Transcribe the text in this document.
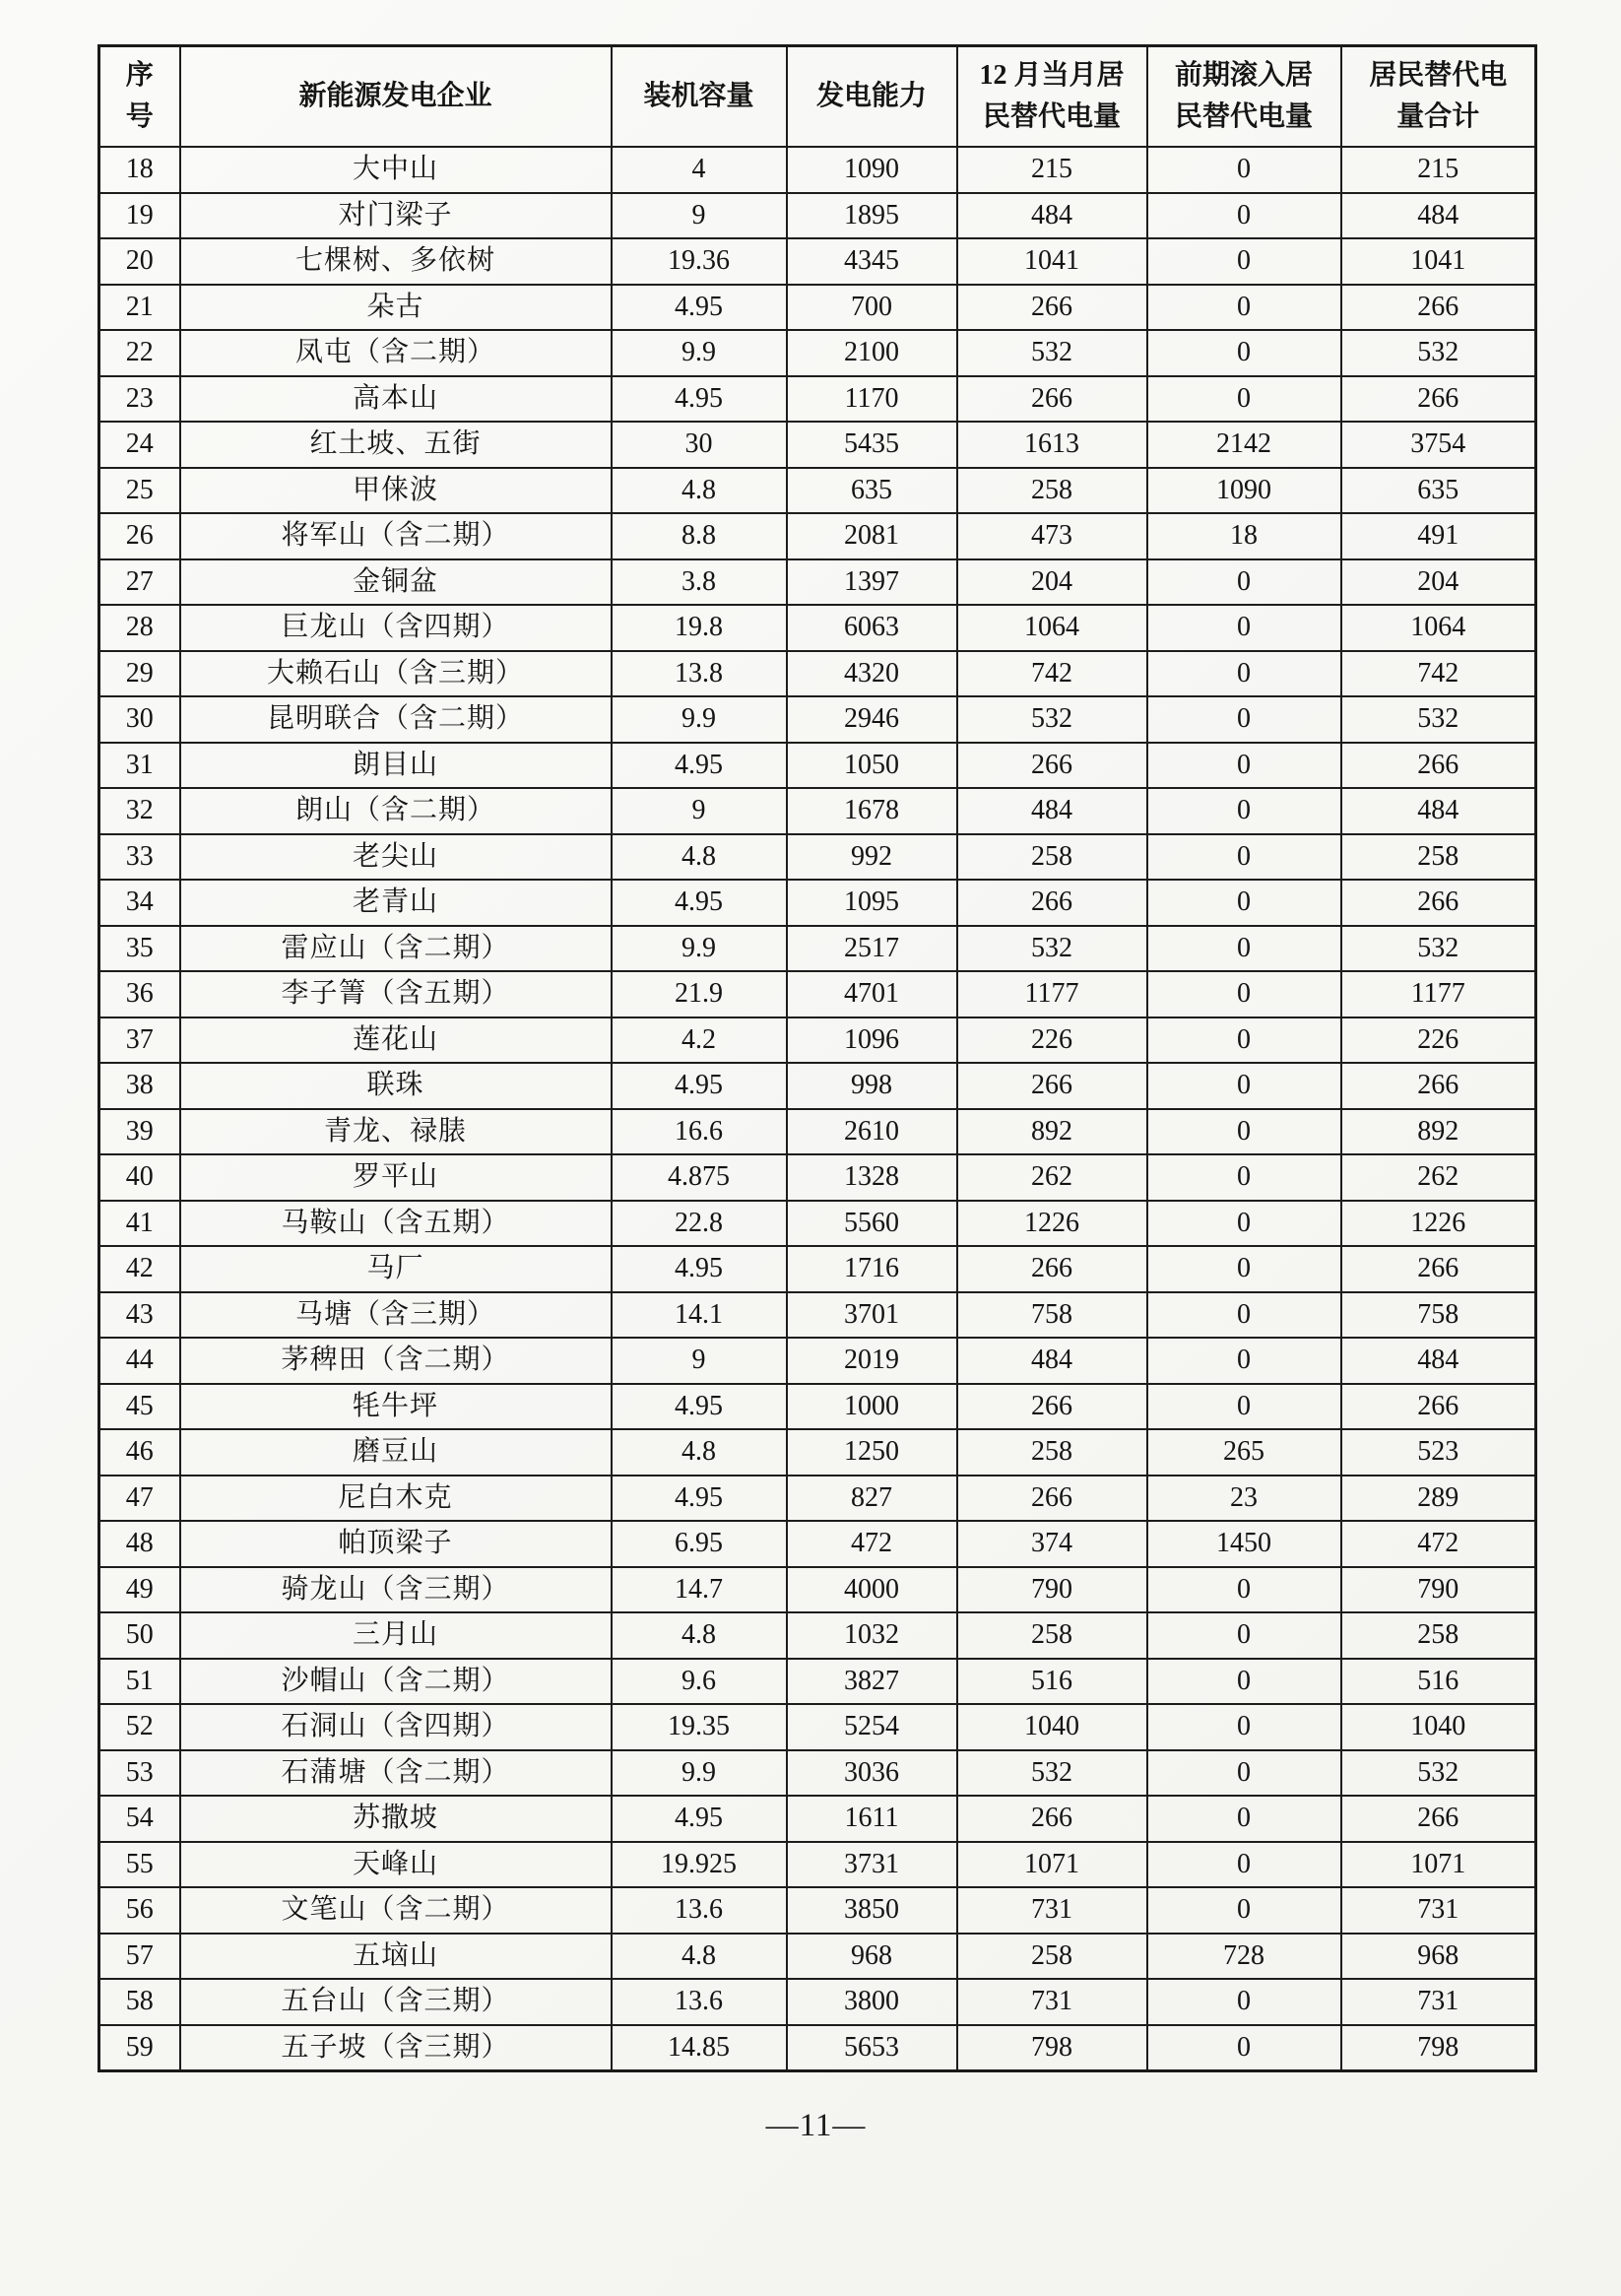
序号	新能源发电企业	装机容量	发电能力	12 月当月居民替代电量	前期滚入居民替代电量	居民替代电量合计
18	大中山	4	1090	215	0	215
19	对门梁子	9	1895	484	0	484
20	七棵树、多依树	19.36	4345	1041	0	1041
21	朵古	4.95	700	266	0	266
22	凤屯（含二期）	9.9	2100	532	0	532
23	高本山	4.95	1170	266	0	266
24	红土坡、五街	30	5435	1613	2142	3754
25	甲俫波	4.8	635	258	1090	635
26	将军山（含二期）	8.8	2081	473	18	491
27	金铜盆	3.8	1397	204	0	204
28	巨龙山（含四期）	19.8	6063	1064	0	1064
29	大赖石山（含三期）	13.8	4320	742	0	742
30	昆明联合（含二期）	9.9	2946	532	0	532
31	朗目山	4.95	1050	266	0	266
32	朗山（含二期）	9	1678	484	0	484
33	老尖山	4.8	992	258	0	258
34	老青山	4.95	1095	266	0	266
35	雷应山（含二期）	9.9	2517	532	0	532
36	李子箐（含五期）	21.9	4701	1177	0	1177
37	莲花山	4.2	1096	226	0	226
38	联珠	4.95	998	266	0	266
39	青龙、禄脿	16.6	2610	892	0	892
40	罗平山	4.875	1328	262	0	262
41	马鞍山（含五期）	22.8	5560	1226	0	1226
42	马厂	4.95	1716	266	0	266
43	马塘（含三期）	14.1	3701	758	0	758
44	茅稗田（含二期）	9	2019	484	0	484
45	牦牛坪	4.95	1000	266	0	266
46	磨豆山	4.8	1250	258	265	523
47	尼白木克	4.95	827	266	23	289
48	帕顶梁子	6.95	472	374	1450	472
49	骑龙山（含三期）	14.7	4000	790	0	790
50	三月山	4.8	1032	258	0	258
51	沙帽山（含二期）	9.6	3827	516	0	516
52	石洞山（含四期）	19.35	5254	1040	0	1040
53	石蒲塘（含二期）	9.9	3036	532	0	532
54	苏撒坡	4.95	1611	266	0	266
55	天峰山	19.925	3731	1071	0	1071
56	文笔山（含二期）	13.6	3850	731	0	731
57	五垴山	4.8	968	258	728	968
58	五台山（含三期）	13.6	3800	731	0	731
59	五子坡（含三期）	14.85	5653	798	0	798
—11—
